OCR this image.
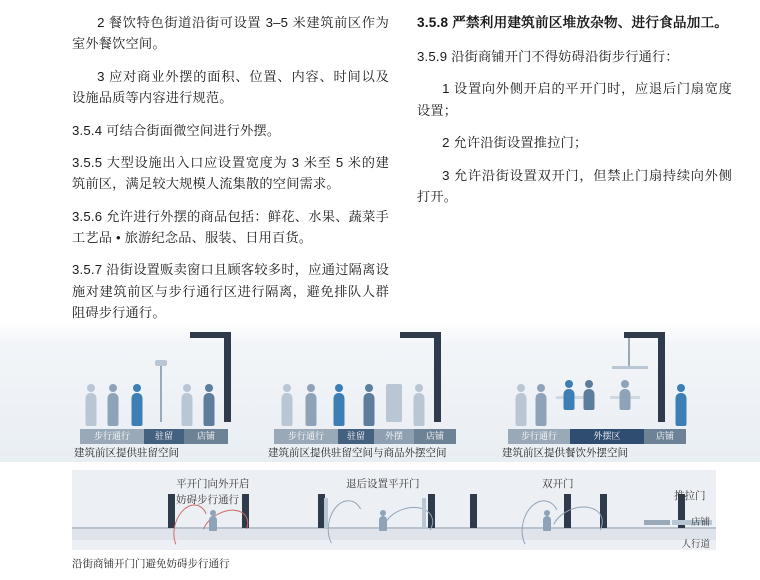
2 餐饮特色街道沿街可设置 3–5 米建筑前区作为室外餐饮空间。

3 应对商业外摆的面积、位置、内容、时间以及设施品质等内容进行规范。

3.5.4 可结合街面微空间进行外摆。

3.5.5 大型设施出入口应设置宽度为 3 米至 5 米的建筑前区，满足较大规模人流集散的空间需求。

3.5.6 允许进行外摆的商品包括：鲜花、水果、蔬菜手工艺品 • 旅游纪念品、服装、日用百货。

3.5.7 沿街设置贩卖窗口且顾客较多时，应通过隔离设施对建筑前区与步行通行区进行隔离，避免排队人群阻碍步行通行。

3.5.8 严禁利用建筑前区堆放杂物、进行食品加工。

3.5.9 沿街商铺开门不得妨碍沿街步行通行：

1 设置向外侧开启的平开门时，应退后门扇宽度设置；

2 允许沿街设置推拉门；

3 允许沿街设置双开门，但禁止门扇持续向外侧打开。

步行通行	驻留	店铺
建筑前区提供驻留空间
步行通行	驻留	外摆	店铺
建筑前区提供驻留空间与商品外摆空间
步行通行	外摆区	店铺
建筑前区提供餐饮外摆空间
平开门向外开启
妨碍步行通行
退后设置平开门	双开门
推拉门
店铺
人行道
沿街商铺开门门避免妨碍步行通行
